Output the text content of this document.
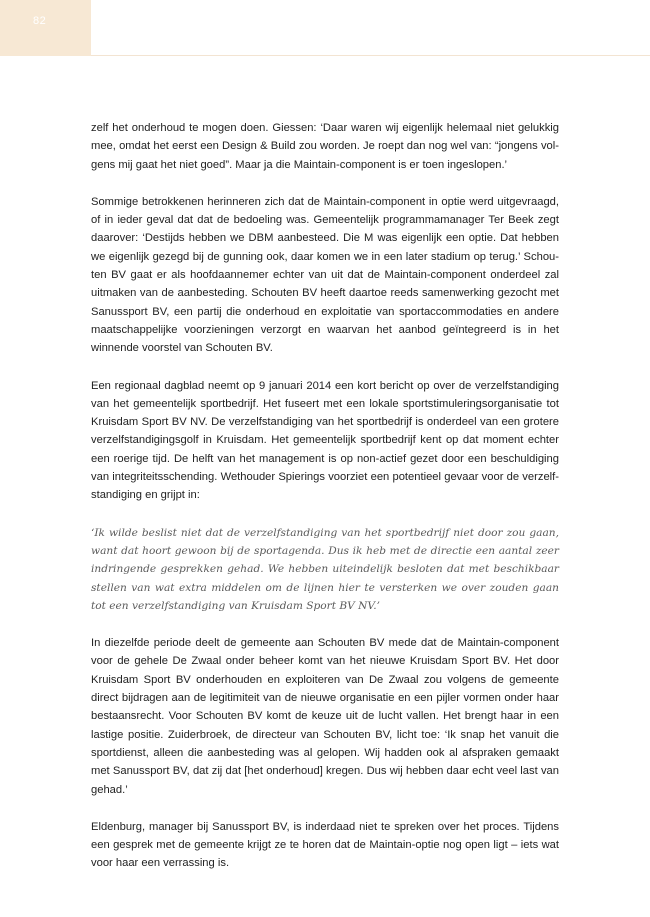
82

zelf het onderhoud te mogen doen. Giessen: ‘Daar waren wij eigenlijk helemaal niet gelukkig mee, omdat het eerst een Design & Build zou worden. Je roept dan nog wel van: “jongens volgens mij gaat het niet goed”. Maar ja die Maintain-component is er toen ingeslopen.’

Sommige betrokkenen herinneren zich dat de Maintain-component in optie werd uitgevraagd, of in ieder geval dat dat de bedoeling was. Gemeentelijk programmamanager Ter Beek zegt daarover: ‘Destijds hebben we DBM aanbesteed. Die M was eigenlijk een optie. Dat hebben we eigenlijk gezegd bij de gunning ook, daar komen we in een later stadium op terug.’ Schouten BV gaat er als hoofdaannemer echter van uit dat de Maintain-component onderdeel zal uitmaken van de aanbesteding. Schouten BV heeft daartoe reeds samenwerking gezocht met Sanussport BV, een partij die onderhoud en exploitatie van sportaccommodaties en andere maatschappelijke voorzieningen verzorgt en waarvan het aanbod geïntegreerd is in het winnende voorstel van Schouten BV.

Een regionaal dagblad neemt op 9 januari 2014 een kort bericht op over de verzelfstandiging van het gemeentelijk sportbedrijf. Het fuseert met een lokale sportstimuleringsorganisatie tot Kruisdam Sport BV NV. De verzelfstandiging van het sportbedrijf is onderdeel van een grotere verzelfstandigingsgolf in Kruisdam. Het gemeentelijk sportbedrijf kent op dat moment echter een roerige tijd. De helft van het management is op non-actief gezet door een beschuldiging van integriteitsschending. Wethouder Spierings voorziet een potentieel gevaar voor de verzelfstandiging en grijpt in:

‘Ik wilde beslist niet dat de verzelfstandiging van het sportbedrijf niet door zou gaan, want dat hoort gewoon bij de sportagenda. Dus ik heb met de directie een aantal zeer indringende gesprekken gehad. We hebben uiteindelijk besloten dat met beschikbaar stellen van wat extra middelen om de lijnen hier te versterken we over zouden gaan tot een verzelfstandiging van Kruisdam Sport BV NV.’

In diezelfde periode deelt de gemeente aan Schouten BV mede dat de Maintain-component voor de gehele De Zwaal onder beheer komt van het nieuwe Kruisdam Sport BV. Het door Kruisdam Sport BV onderhouden en exploiteren van De Zwaal zou volgens de gemeente direct bijdragen aan de legitimiteit van de nieuwe organisatie en een pijler vormen onder haar bestaansrecht. Voor Schouten BV komt de keuze uit de lucht vallen. Het brengt haar in een lastige positie. Zuiderbroek, de directeur van Schouten BV, licht toe: ‘Ik snap het vanuit die sportdienst, alleen die aanbesteding was al gelopen. Wij hadden ook al afspraken gemaakt met Sanussport BV, dat zij dat [het onderhoud] kregen. Dus wij hebben daar echt veel last van gehad.’

Eldenburg, manager bij Sanussport BV, is inderdaad niet te spreken over het proces. Tijdens een gesprek met de gemeente krijgt ze te horen dat de Maintain-optie nog open ligt – iets wat voor haar een verrassing is.
